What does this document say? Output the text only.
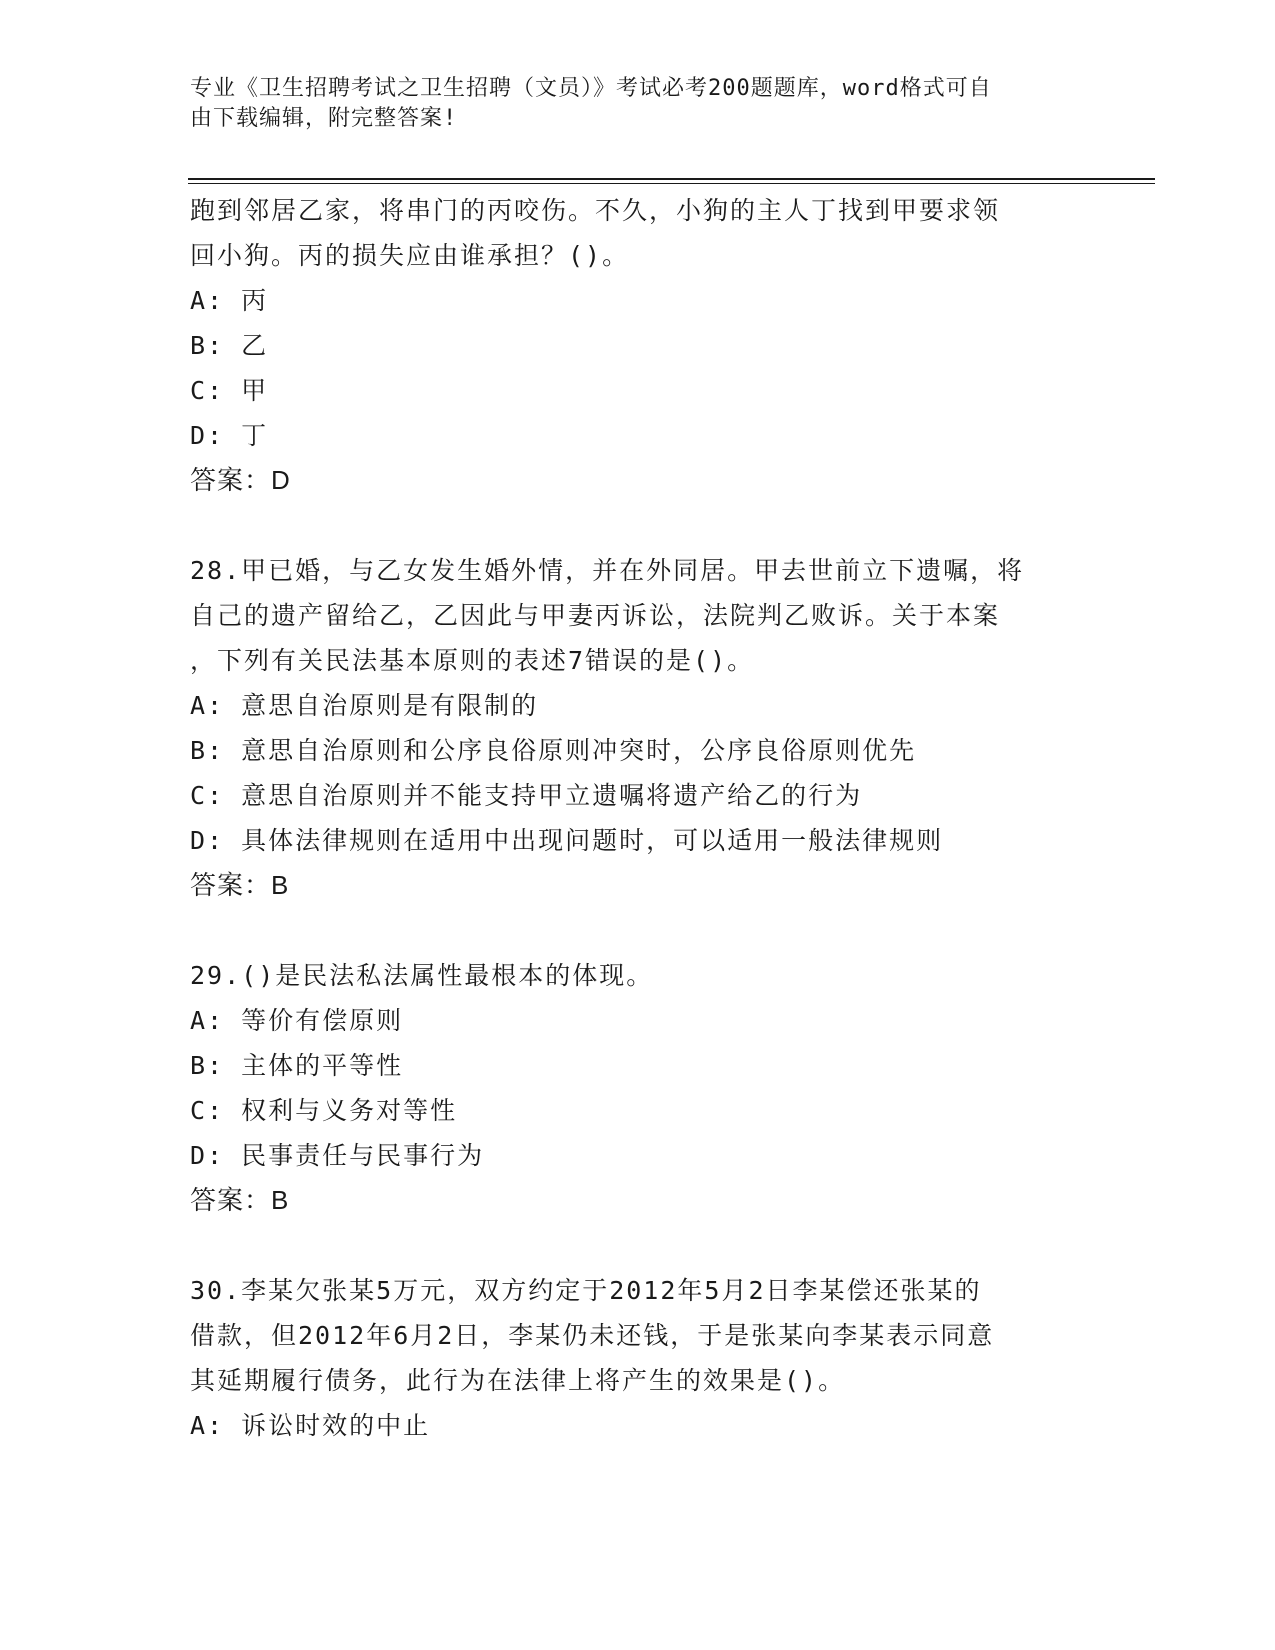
专业《卫生招聘考试之卫生招聘（文员）》考试必考200题题库，word格式可自
由下载编辑，附完整答案!
跑到邻居乙家，将串门的丙咬伤。不久，小狗的主人丁找到甲要求领
回小狗。丙的损失应由谁承担？()。
A: 丙
B: 乙
C: 甲
D: 丁
答案：D
28.甲已婚，与乙女发生婚外情，并在外同居。甲去世前立下遗嘱，将
自己的遗产留给乙，乙因此与甲妻丙诉讼，法院判乙败诉。关于本案
，下列有关民法基本原则的表述7错误的是()。
A: 意思自治原则是有限制的
B: 意思自治原则和公序良俗原则冲突时，公序良俗原则优先
C: 意思自治原则并不能支持甲立遗嘱将遗产给乙的行为
D: 具体法律规则在适用中出现问题时，可以适用一般法律规则
答案：B
29.()是民法私法属性最根本的体现。
A: 等价有偿原则
B: 主体的平等性
C: 权利与义务对等性
D: 民事责任与民事行为
答案：B
30.李某欠张某5万元，双方约定于2012年5月2日李某偿还张某的
借款，但2012年6月2日，李某仍未还钱，于是张某向李某表示同意
其延期履行债务，此行为在法律上将产生的效果是()。
A: 诉讼时效的中止
